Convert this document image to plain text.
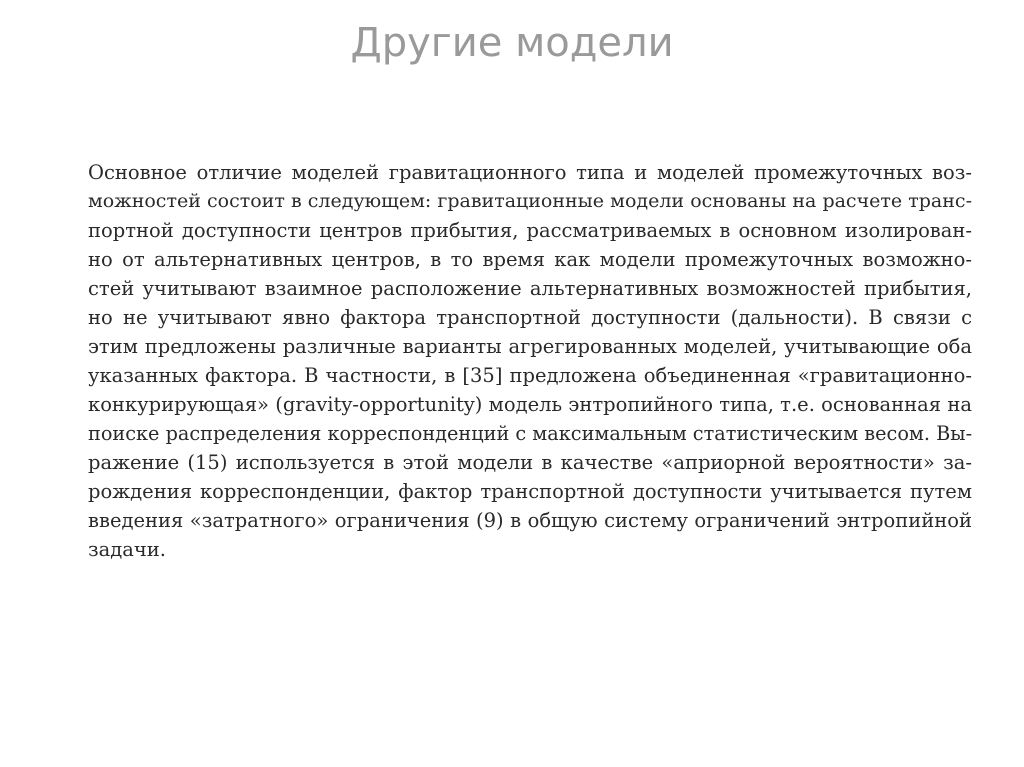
Другие модели
Основное отличие моделей гравитационного типа и моделей промежуточных воз-
можностей состоит в следующем: гравитационные модели основаны на расчете транс-
портной доступности центров прибытия, рассматриваемых в основном изолирован-
но от альтернативных центров, в то время как модели промежуточных возможно-
стей учитывают взаимное расположение альтернативных возможностей прибытия,
но не учитывают явно фактора транспортной доступности (дальности). В связи с
этим предложены различные варианты агрегированных моделей, учитывающие оба
указанных фактора. В частности, в [35] предложена объединенная «гравитационно-
конкурирующая» (gravity-opportunity) модель энтропийного типа, т.е. основанная на
поиске распределения корреспонденций с максимальным статистическим весом. Вы-
ражение (15) используется в этой модели в качестве «априорной вероятности» за-
рождения корреспонденции, фактор транспортной доступности учитывается путем
введения «затратного» ограничения (9) в общую систему ограничений энтропийной
задачи.
